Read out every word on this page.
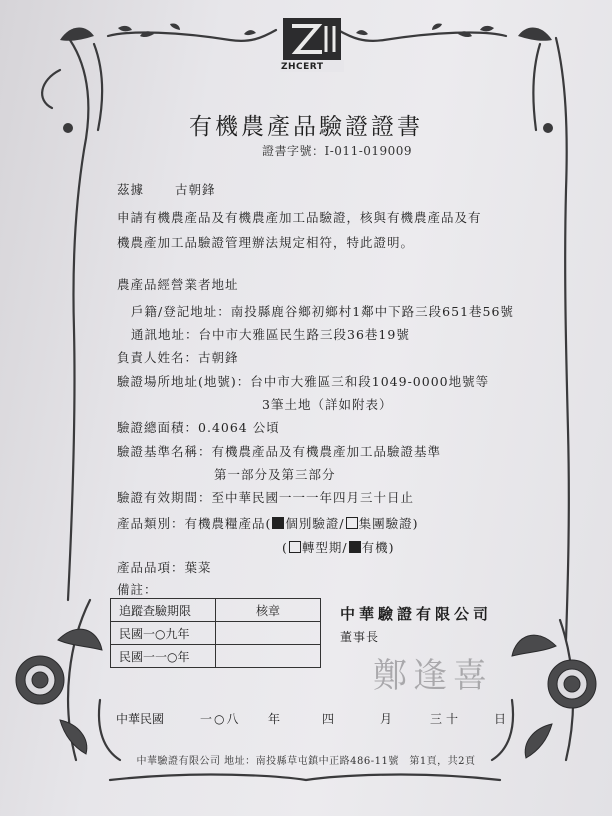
ZHCERT
有機農產品驗證證書
證書字號：I-011-019009
茲據 古朝鋒
申請有機農產品及有機農產加工品驗證，核與有機農產品及有
機農產加工品驗證管理辦法規定相符，特此證明。
農產品經營業者地址
戶籍/登記地址：南投縣鹿谷鄉初鄉村1鄰中下路三段651巷56號
通訊地址：台中市大雅區民生路三段36巷19號
負責人姓名：古朝鋒
驗證場所地址(地號)：台中市大雅區三和段1049-0000地號等
3筆土地（詳如附表）
驗證總面積：0.4064 公頃
驗證基準名稱：有機農產品及有機農產加工品驗證基準
第一部分及第三部分
驗證有效期間：至中華民國一一一年四月三十日止
產品類別：有機農糧產品( 個別驗證/ 集團驗證)
( 轉型期/ 有機)
產品品項：葉菜
備註：
追蹤查驗期限	核章
民國一○九年	
民國一一○年	
中華驗證有限公司
董事長
鄭逢喜
中華民國	一○八 年	四	月	三十	日
中華驗證有限公司 地址：南投縣草屯鎮中正路486-11號　第1頁，共2頁
